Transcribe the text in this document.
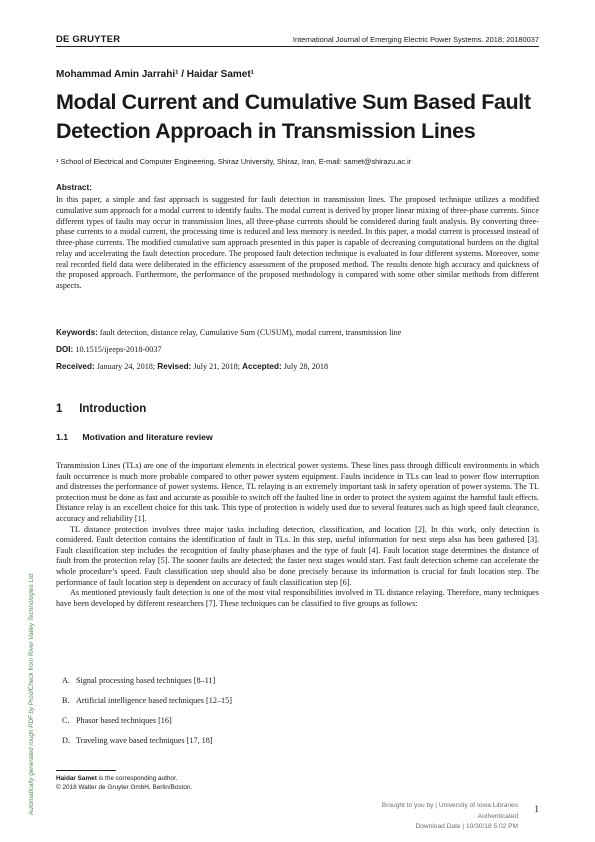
DE GRUYTER	International Journal of Emerging Electric Power Systems. 2018; 20180037
Mohammad Amin Jarrahi¹ / Haidar Samet¹
Modal Current and Cumulative Sum Based Fault
Detection Approach in Transmission Lines
¹ School of Electrical and Computer Engineering, Shiraz University, Shiraz, Iran, E-mail: samet@shirazu.ac.ir
Abstract:
In this paper, a simple and fast approach is suggested for fault detection in transmission lines. The proposed technique utilizes a modified cumulative sum approach for a modal current to identify faults. The modal current is derived by proper linear mixing of three-phase currents. Since different types of faults may occur in transmission lines, all three-phase currents should be considered during fault analysis. By converting three-phase currents to a modal current, the processing time is reduced and less memory is needed. In this paper, a modal current is processed instead of three-phase currents. The modified cumulative sum approach presented in this paper is capable of decreasing computational burdens on the digital relay and accelerating the fault detection procedure. The proposed fault detection technique is evaluated in four different systems. Moreover, some real recorded field data were deliberated in the efficiency assessment of the proposed method. The results denote high accuracy and quickness of the proposed approach. Furthermore, the performance of the proposed methodology is compared with some other similar methods from different aspects.
Keywords: fault detection, distance relay, Cumulative Sum (CUSUM), modal current, transmission line
DOI: 10.1515/ijeeps-2018-0037
Received: January 24, 2018; Revised: July 21, 2018; Accepted: July 28, 2018
1 Introduction
1.1 Motivation and literature review

Transmission Lines (TLs) are one of the important elements in electrical power systems. These lines pass through difficult environments in which fault occurrence is much more probable compared to other power system equipment. Faults incidence in TLs can lead to power flow interruption and distresses the performance of power systems. Hence, TL relaying is an extremely important task in safety operation of power systems. The TL protection must be done as fast and accurate as possible to switch off the faulted line in order to protect the system against the harmful fault effects. Distance relay is an excellent choice for this task. This type of protection is widely used due to several features such as high speed fault clearance, accuracy and reliability [1].

TL distance protection involves three major tasks including detection, classification, and location [2]. In this work, only detection is considered. Fault detection contains the identification of fault in TLs. In this step, useful information for next steps also has been gathered [3]. Fault classification step includes the recognition of faulty phase/phases and the type of fault [4]. Fault location stage determines the distance of fault from the protection relay [5]. The sooner faults are detected; the faster next stages would start. Fast fault detection scheme can accelerate the whole procedure’s speed. Fault classification step should also be done precisely because its information is crucial for fault location step. The performance of fault location step is dependent on accuracy of fault classification step [6].

As mentioned previously fault detection is one of the most vital responsibilities involved in TL distance relaying. Therefore, many techniques have been developed by different researchers [7]. These techniques can be classified to five groups as follows:

A. Signal processing based techniques [8–11]
B. Artificial intelligence based techniques [12–15]
C. Phasor based techniques [16]
D. Traveling wave based techniques [17, 18]
Automatically generated rough PDF by ProofCheck from River Valley Technologies Ltd	Haidar Samet is the corresponding author.
© 2018 Walter de Gruyter GmbH, Berlin/Boston.
Brought to you by | University of Iowa Libraries
Authenticated
Download Date | 10/30/18 5:02 PM
1
